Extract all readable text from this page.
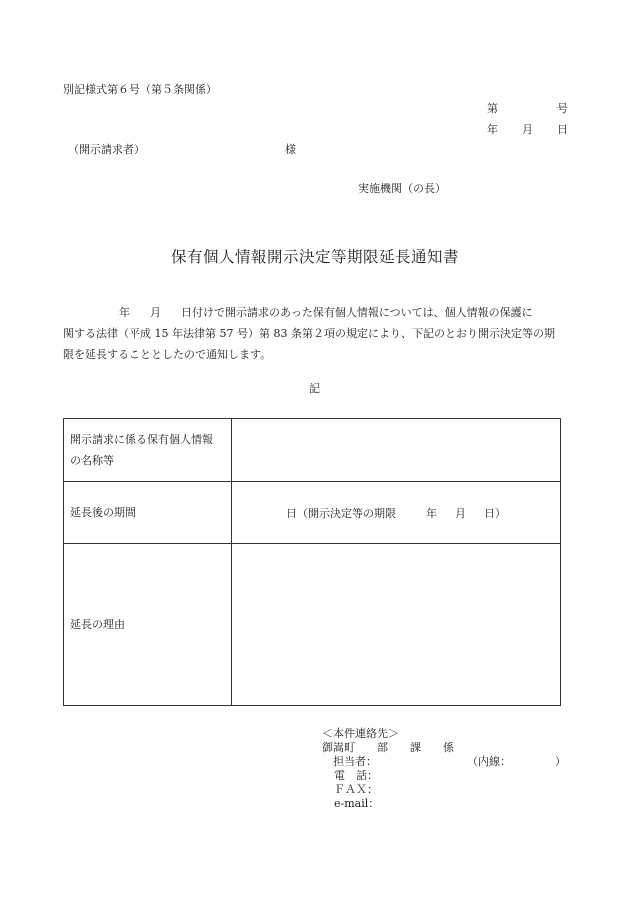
別記様式第６号（第５条関係）
第	号
年 月 日
（開示請求者）	様
実施機関（の長）
保有個人情報開示決定等期限延長通知書
年 月 日付けで開示請求のあった保有個人情報については、個人情報の保護に
関する法律（平成 15 年法律第 57 号）第 83 条第２項の規定により、下記のとおり開示決定等の期
限を延長することとしたので通知します。
記
開示請求に係る保有個人情報
の名称等	
延長後の期間	日（開示決定等の期限 年 月 日）
延長の理由	
＜本件連絡先＞
御嵩町 部 課 係
担当者：	（内線：	）
電　話：
ＦＡＸ：
e-mail：
